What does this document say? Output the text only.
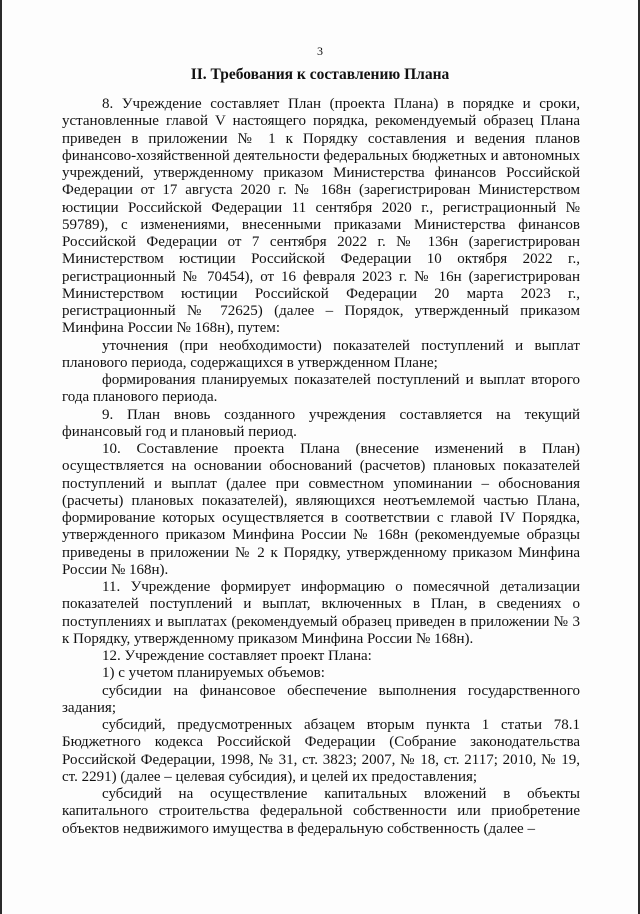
3
II. Требования к составлению Плана

8. Учреждение составляет План (проекта Плана) в порядке и сроки, установленные главой V настоящего порядка, рекомендуемый образец Плана приведен в приложении № 1 к Порядку составления и ведения планов финансово-хозяйственной деятельности федеральных бюджетных и автономных учреждений, утвержденному приказом Министерства финансов Российской Федерации от 17 августа 2020 г. № 168н (зарегистрирован Министерством юстиции Российской Федерации 11 сентября 2020 г., регистрационный № 59789), с изменениями, внесенными приказами Министерства финансов Российской Федерации от 7 сентября 2022 г. № 136н (зарегистрирован Министерством юстиции Российской Федерации 10 октября 2022 г., регистрационный № 70454), от 16 февраля 2023 г. № 16н (зарегистрирован Министерством юстиции Российской Федерации 20 марта 2023 г., регистрационный № 72625) (далее – Порядок, утвержденный приказом Минфина России № 168н), путем:

уточнения (при необходимости) показателей поступлений и выплат планового периода, содержащихся в утвержденном Плане;

формирования планируемых показателей поступлений и выплат второго года планового периода.

9. План вновь созданного учреждения составляется на текущий финансовый год и плановый период.

10. Составление проекта Плана (внесение изменений в План) осуществляется на основании обоснований (расчетов) плановых показателей поступлений и выплат (далее при совместном упоминании – обоснования (расчеты) плановых показателей), являющихся неотъемлемой частью Плана, формирование которых осуществляется в соответствии с главой IV Порядка, утвержденного приказом Минфина России № 168н (рекомендуемые образцы приведены в приложении № 2 к Порядку, утвержденному приказом Минфина России № 168н).

11. Учреждение формирует информацию о помесячной детализации показателей поступлений и выплат, включенных в План, в сведениях о поступлениях и выплатах (рекомендуемый образец приведен в приложении № 3 к Порядку, утвержденному приказом Минфина России № 168н).

12. Учреждение составляет проект Плана:

1) с учетом планируемых объемов:

субсидии на финансовое обеспечение выполнения государственного задания;

субсидий, предусмотренных абзацем вторым пункта 1 статьи 78.1 Бюджетного кодекса Российской Федерации (Собрание законодательства Российской Федерации, 1998, № 31, ст. 3823; 2007, № 18, ст. 2117; 2010, № 19, ст. 2291) (далее – целевая субсидия), и целей их предоставления;

субсидий на осуществление капитальных вложений в объекты капитального строительства федеральной собственности или приобретение объектов недвижимого имущества в федеральную собственность (далее –
